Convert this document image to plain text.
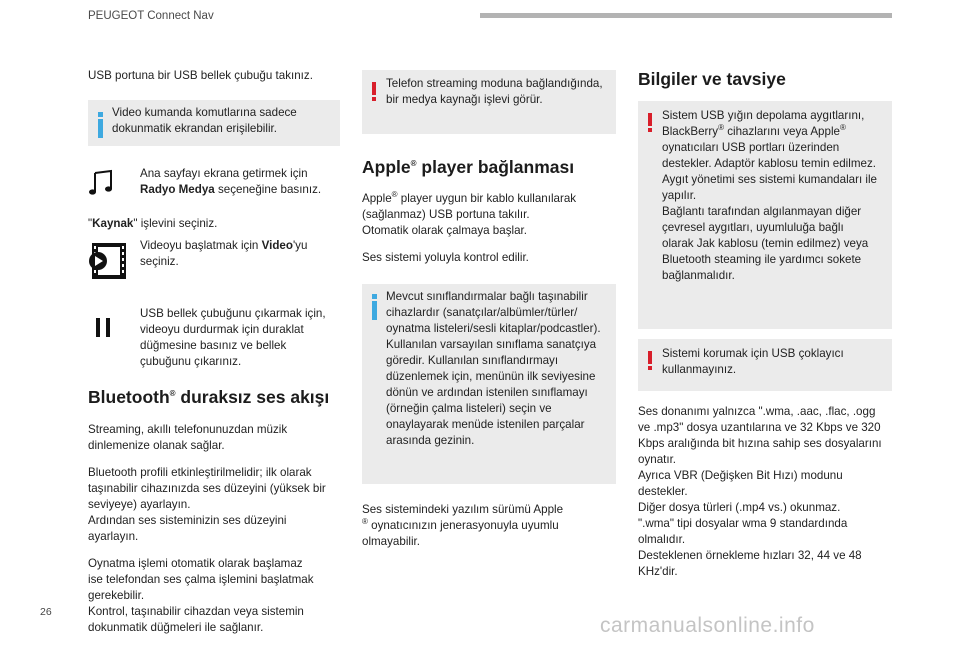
PEUGEOT Connect Nav
USB portuna bir USB bellek çubuğu takınız.
Video kumanda komutlarına sadece
dokunmatik ekrandan erişilebilir.
Ana sayfayı ekrana getirmek için
Radyo Medya seçeneğine basınız.
"Kaynak" işlevini seçiniz.
Videoyu başlatmak için Video'yu
seçiniz.
USB bellek çubuğunu çıkarmak için,
videoyu durdurmak için duraklat
düğmesine basınız ve bellek
çubuğunu çıkarınız.
Bluetooth® duraksız ses akışı
Streaming, akıllı telefonunuzdan müzik
dinlemenize olanak sağlar.
Bluetooth profili etkinleştirilmelidir; ilk olarak
taşınabilir cihazınızda ses düzeyini (yüksek bir
seviyeye) ayarlayın.
Ardından ses sisteminizin ses düzeyini
ayarlayın.
Oynatma işlemi otomatik olarak başlamaz
ise telefondan ses çalma işlemini başlatmak
gerekebilir.
Kontrol, taşınabilir cihazdan veya sistemin
dokunmatik düğmeleri ile sağlanır.
Telefon streaming moduna bağlandığında,
bir medya kaynağı işlevi görür.
Apple® player bağlanması
Apple® player uygun bir kablo kullanılarak
(sağlanmaz) USB portuna takılır.
Otomatik olarak çalmaya başlar.
Ses sistemi yoluyla kontrol edilir.
Mevcut sınıflandırmalar bağlı taşınabilir
cihazlardır (sanatçılar/albümler/türler/
oynatma listeleri/sesli kitaplar/podcastler).
Kullanılan varsayılan sınıflama sanatçıya
göredir. Kullanılan sınıflandırmayı
düzenlemek için, menünün ilk seviyesine
dönün ve ardından istenilen sınıflamayı
(örneğin çalma listeleri) seçin ve
onaylayarak menüde istenilen parçalar
arasında gezinin.
Ses sistemindeki yazılım sürümü Apple
® oynatıcınızın jenerasyonuyla uyumlu
olmayabilir.
Bilgiler ve tavsiye
Sistem USB yığın depolama aygıtlarını,
BlackBerry® cihazlarını veya Apple®
oynatıcıları USB portları üzerinden
destekler. Adaptör kablosu temin edilmez.
Aygıt yönetimi ses sistemi kumandaları ile
yapılır.
Bağlantı tarafından algılanmayan diğer
çevresel aygıtları, uyumluluğa bağlı
olarak Jak kablosu (temin edilmez) veya
Bluetooth steaming ile yardımcı sokete
bağlanmalıdır.
Sistemi korumak için USB çoklayıcı
kullanmayınız.
Ses donanımı yalnızca ".wma, .aac, .flac, .ogg
ve .mp3" dosya uzantılarına ve 32 Kbps ve 320
Kbps aralığında bit hızına sahip ses dosyalarını
oynatır.
Ayrıca VBR (Değişken Bit Hızı) modunu
destekler.
Diğer dosya türleri (.mp4 vs.) okunmaz.
".wma" tipi dosyalar wma 9 standardında
olmalıdır.
Desteklenen örnekleme hızları 32, 44 ve 48
KHz'dir.
26
carmanualsonline.info
